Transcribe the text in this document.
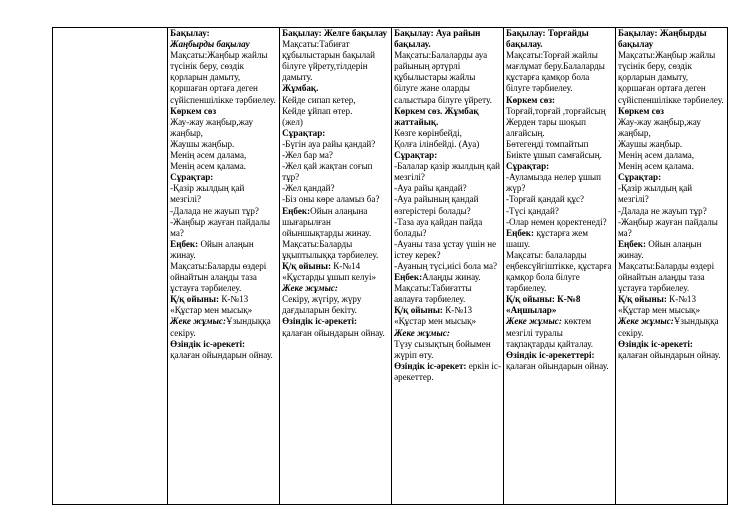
Бақылау:

Жаңбырды бақылау

Мақсаты:Жаңбыр жайлы түсінік беру, сөздік қорларын дамыту, қоршаған ортаға деген сүйіспеншілікке тәрбиелеу.

Көркем сөз

Жау-жау жаңбыр,жау жаңбыр,

Жаушы жаңбыр.

Менің әсем далама,

Менің әсем қалама.

Сұрақтар:

-Қазір жылдың қай мезгілі?

-Далада не жауып тұр?

-Жаңбыр жауған пайдалы ма?

Еңбек: Ойын алаңын жинау.

Мақсаты:Баларды өздері ойнайтын алаңды таза ұстауға тәрбиелеу.

Қ/қ ойыны: К-№13 «Құстар мен мысық»

Жеке жұмыс:Ұзындыққа секіру.

Өзіндік іс-әрекеті:

қалаған ойындарын ойнау.

Бақылау: Желге бақылау

Мақсаты:Табиғат құбылыстарын бақылай білуге үйрету,тілдерін дамыту.

Жұмбақ.

Кейде сипап кетер,

Кейде ұйпап өтер.

(жел)

Сұрақтар:

-Бүгін ауа райы қандай?

-Жел бар ма?

-Жел қай жақтан соғып тұр?

-Жел қандай?

-Біз оны көре аламыз ба?

Еңбек:Ойын алаңына шығарылған ойыншықтарды жинау.

Мақсаты:Баларды ұқыптылыққа тәрбиелеу.

Қ/қ ойыны: К-№14 «Құстарды ұшып келуі»

Жеке жұмыс:

Секіру, жүгіру, жүру дағдыларын бекіту.

Өзіндік іс-әрекеті:

қалаған ойындарын ойнау.

Бақылау: Ауа райын бақылау.

Мақсаты:Балаларды ауа райының әртүрлі құбылыстары жайлы білуге және оларды салыстыра білуге үйрету.

Көркем сөз. Жұмбақ жаттайық.

Көзге көрінбейді,

Қолға ілінбейді. (Ауа)

Сұрақтар:

-Балалар қазір жылдың қай мезгілі?

-Ауа райы қандай?

-Ауа райының қандай өзгерістері болады?

-Таза ауа қайдан пайда болады?

-Ауаны таза ұстау үшін не істеу керек?

-Ауаның түсі,иісі бола ма?

Еңбек:Алаңды жинау.

Мақсаты:Табиғатты аялауға тәрбиелеу.

Қ/қ ойыны: К-№13 «Құстар мен мысық»

Жеке жұмыс:

Түзу сызықтың бойымен жүріп өту.

Өзіндік іс-әрекет: еркін іс-әрекеттер.

Бақылау: Торғайды бақылау.

Мақсаты:Торғай жайлы мағлұмат беру.Балаларды құстарға қамқор бола білуге тәрбиелеу.

Көркем сөз:

Торғай,торғай ,торғайсың

Жерден тары шоқып алғайсың.

Бөтегеңді томпайтып

Биікте ұшып самғайсың.

Сұрақтар:

-Ауламызда нелер ұшып жүр?

-Торғай қандай құс?

-Түсі қандай?

-Олар немен қоректенеді?

Еңбек: құстарға жем шашу.

Мақсаты: балаларды еңбексүйгіштікке, құстарға қамқор бола білуге тәрбиелеу.

Қ/қ ойыны: К-№8 «Аңшылар»

Жеке жұмыс: көктем мезгілі туралы тақпақтарды қайталау.

Өзіндік іс-әрекеттері: қалаған ойындарын ойнау.

Бақылау: Жаңбырды бақылау

Мақсаты:Жаңбыр жайлы түсінік беру, сөздік қорларын дамыту, қоршаған ортаға деген сүйіспеншілікке тәрбиелеу.

Көркем сөз

Жау-жау жаңбыр,жау жаңбыр,

Жаушы жаңбыр.

Менің әсем далама,

Менің әсем қалама.

Сұрақтар:

-Қазір жылдың қай мезгілі?

-Далада не жауып тұр?

-Жаңбыр жауған пайдалы ма?

Еңбек: Ойын алаңын жинау.

Мақсаты:Баларды өздері ойнайтын алаңды таза ұстауға тәрбиелеу.

Қ/қ ойыны: К-№13 «Құстар мен мысық»

Жеке жұмыс:Ұзындыққа секіру.

Өзіндік іс-әрекеті:

қалаған ойындарын ойнау.
